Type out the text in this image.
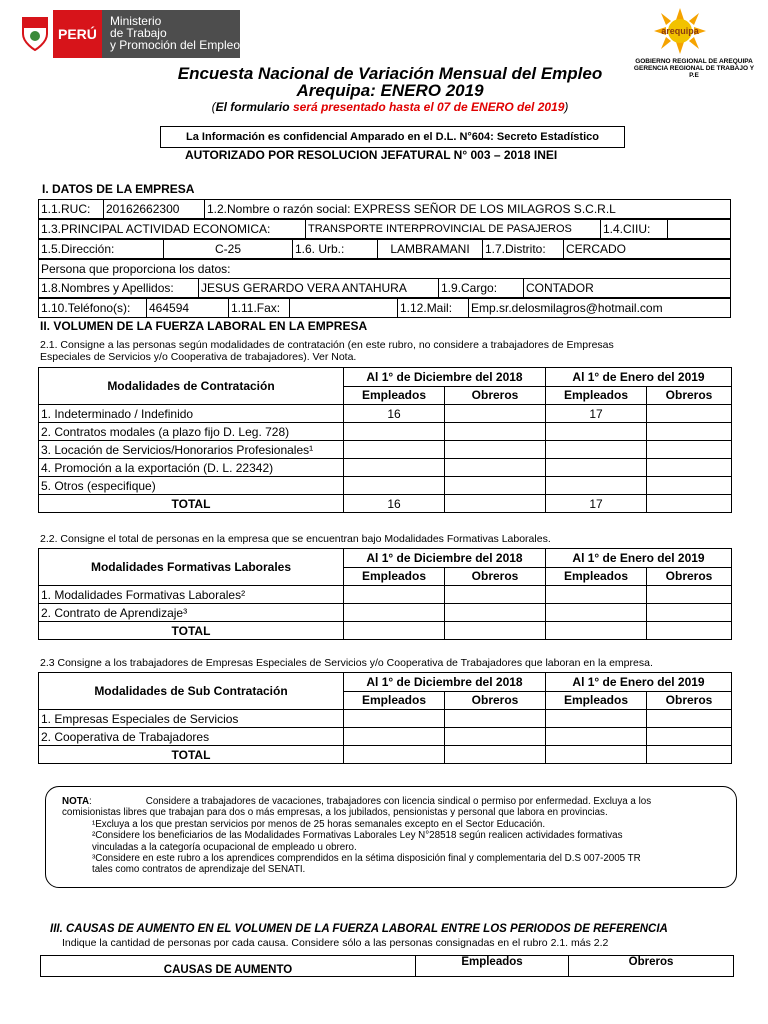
PERÚ
Ministerio
de Trabajo
y Promoción del Empleo
arequipa
GOBIERNO REGIONAL DE AREQUIPA
GERENCIA REGIONAL DE TRABAJO Y
P.E
Encuesta Nacional de Variación Mensual del Empleo
Arequipa: ENERO 2019
(El formulario será presentado hasta el 07 de ENERO del 2019)
La Información es confidencial Amparado en el D.L. N°604: Secreto Estadístico
AUTORIZADO POR RESOLUCION JEFATURAL N° 003 – 2018 INEI
I. DATOS DE LA EMPRESA
1.1.RUC:	20162662300	1.2.Nombre o razón social: EXPRESS SEÑOR DE LOS MILAGROS S.C.R.L
1.3.PRINCIPAL ACTIVIDAD ECONOMICA:	TRANSPORTE INTERPROVINCIAL DE PASAJEROS	1.4.CIIU:	
1.5.Dirección:	C-25	1.6. Urb.:	LAMBRAMANI	1.7.Distrito:	CERCADO
Persona que proporciona los datos:
1.8.Nombres y Apellidos:	JESUS GERARDO VERA ANTAHURA	1.9.Cargo:	CONTADOR
1.10.Teléfono(s):	464594	1.11.Fax:		1.12.Mail:	Emp.sr.delosmilagros@hotmail.com
II. VOLUMEN DE LA FUERZA LABORAL EN LA EMPRESA
2.1. Consigne a las personas según modalidades de contratación (en este rubro, no considere a trabajadores de Empresas
Especiales de Servicios y/o Cooperativa de trabajadores). Ver Nota.
Modalidades de Contratación	Al 1° de Diciembre del 2018		Al 1° de Enero del 2019	
	Empleados	Obreros	Empleados	Obreros
1. Indeterminado / Indefinido	16		17	
2. Contratos modales (a plazo fijo D. Leg. 728)				
3. Locación de Servicios/Honorarios Profesionales¹				
4. Promoción a la exportación (D. L. 22342)				
5. Otros (especifique)				
TOTAL	16		17	
2.2. Consigne el total de personas en la empresa que se encuentran bajo Modalidades Formativas Laborales.
Modalidades Formativas Laborales	Al 1° de Diciembre del 2018		Al 1° de Enero del 2019	
	Empleados	Obreros	Empleados	Obreros
1. Modalidades Formativas Laborales²				
2. Contrato de Aprendizaje³				
TOTAL				
2.3 Consigne a los trabajadores de Empresas Especiales de Servicios y/o Cooperativa de Trabajadores que laboran en la empresa.
Modalidades de Sub Contratación	Al 1° de Diciembre del 2018		Al 1° de Enero del 2019	
	Empleados	Obreros	Empleados	Obreros
1. Empresas Especiales de Servicios				
2. Cooperativa de Trabajadores				
TOTAL				
NOTA:	Considere a trabajadores de vacaciones, trabajadores con licencia sindical o permiso por enfermedad. Excluya a los
comisionistas libres que trabajan para dos o más empresas, a los jubilados, pensionistas y personal que labora en provincias.
¹Excluya a los que prestan servicios por menos de 25 horas semanales excepto en el Sector Educación.
²Considere los beneficiarios de las Modalidades Formativas Laborales Ley N°28518 según realicen actividades formativas
vinculadas a la categoría ocupacional de empleado u obrero.
³Considere en este rubro a los aprendices comprendidos en la sétima disposición final y complementaria del D.S 007-2005 TR
tales como contratos de aprendizaje del SENATI.
III. CAUSAS DE AUMENTO EN EL VOLUMEN DE LA FUERZA LABORAL ENTRE LOS PERIODOS DE REFERENCIA
Indique la cantidad de personas por cada causa. Considere sólo a las personas consignadas en el rubro 2.1. más 2.2
CAUSAS DE AUMENTO	Empleados	Obreros
